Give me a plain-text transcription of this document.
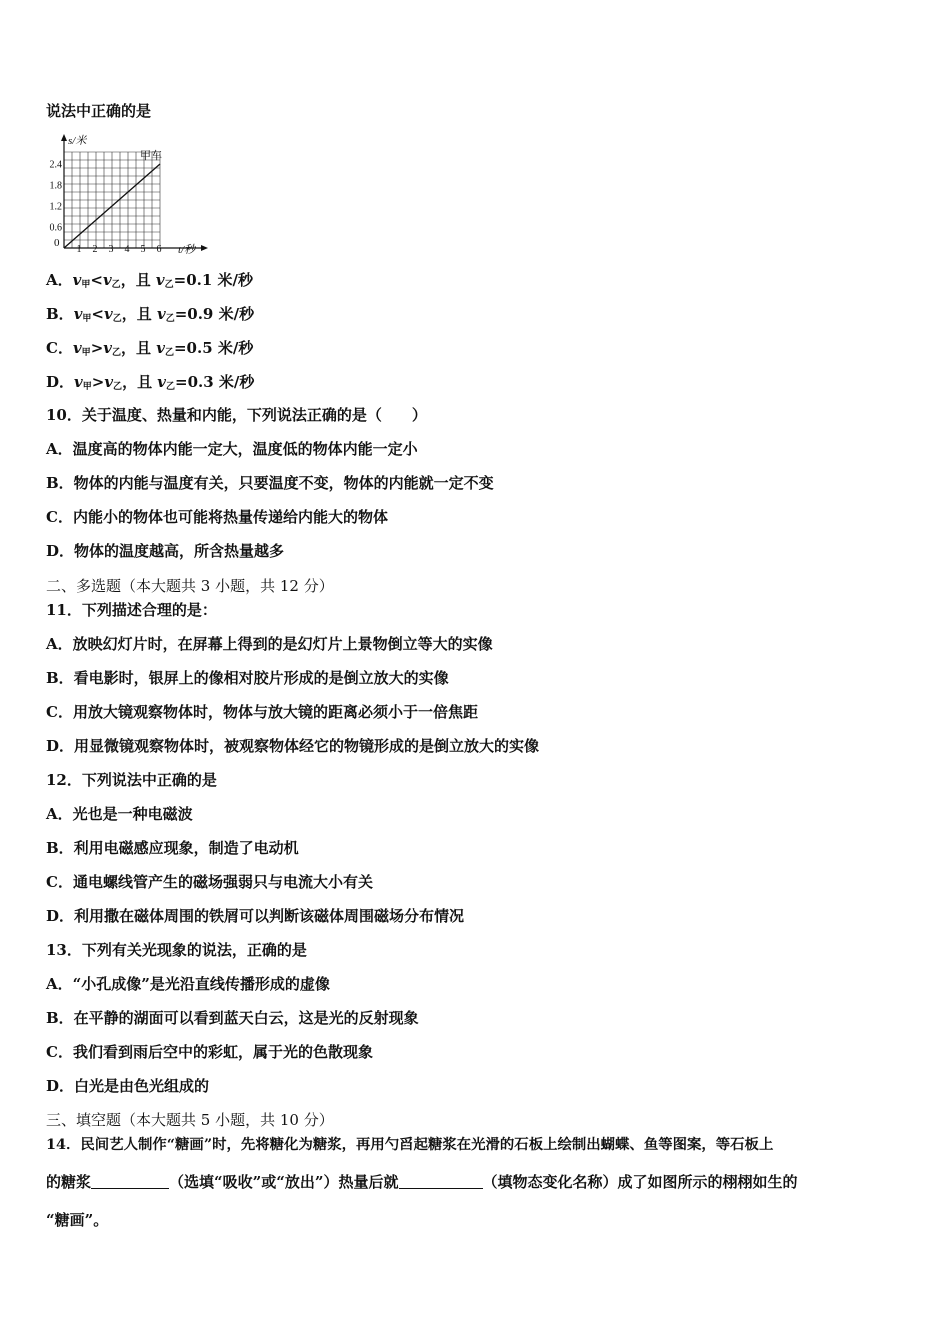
说法中正确的是
s/米
t/秒
甲车
0
2.4
1.8
1.2
0.6
1 2 3 4 5 6
A．$v_甲<v_乙$，且 $v_乙=0.1$ 米/秒
B．$v_甲<v_乙$，且 $v_乙=0.9$ 米/秒
C．$v_甲>v_乙$，且 $v_乙=0.5$ 米/秒
D．$v_甲>v_乙$，且 $v_乙=0.3$ 米/秒
10．关于温度、热量和内能，下列说法正确的是（　　）
A．温度高的物体内能一定大，温度低的物体内能一定小
B．物体的内能与温度有关，只要温度不变，物体的内能就一定不变
C．内能小的物体也可能将热量传递给内能大的物体
D．物体的温度越高，所含热量越多
二、多选题（本大题共 3 小题，共 12 分）
11．下列描述合理的是：
A．放映幻灯片时，在屏幕上得到的是幻灯片上景物倒立等大的实像
B．看电影时，银屏上的像相对胶片形成的是倒立放大的实像
C．用放大镜观察物体时，物体与放大镜的距离必须小于一倍焦距
D．用显微镜观察物体时，被观察物体经它的物镜形成的是倒立放大的实像
12．下列说法中正确的是
A．光也是一种电磁波
B．利用电磁感应现象，制造了电动机
C．通电螺线管产生的磁场强弱只与电流大小有关
D．利用撒在磁体周围的铁屑可以判断该磁体周围磁场分布情况
13．下列有关光现象的说法，正确的是
A．“小孔成像”是光沿直线传播形成的虚像
B．在平静的湖面可以看到蓝天白云，这是光的反射现象
C．我们看到雨后空中的彩虹，属于光的色散现象
D．白光是由色光组成的
三、填空题（本大题共 5 小题，共 10 分）
14．民间艺人制作“糖画”时，先将糖化为糖浆，再用勺舀起糖浆在光滑的石板上绘制出蝴蝶、鱼等图案，等石板上
的糖浆	（选填“吸收”或“放出”）热量后就	（填物态变化名称）成了如图所示的栩栩如生的
“糖画”。
